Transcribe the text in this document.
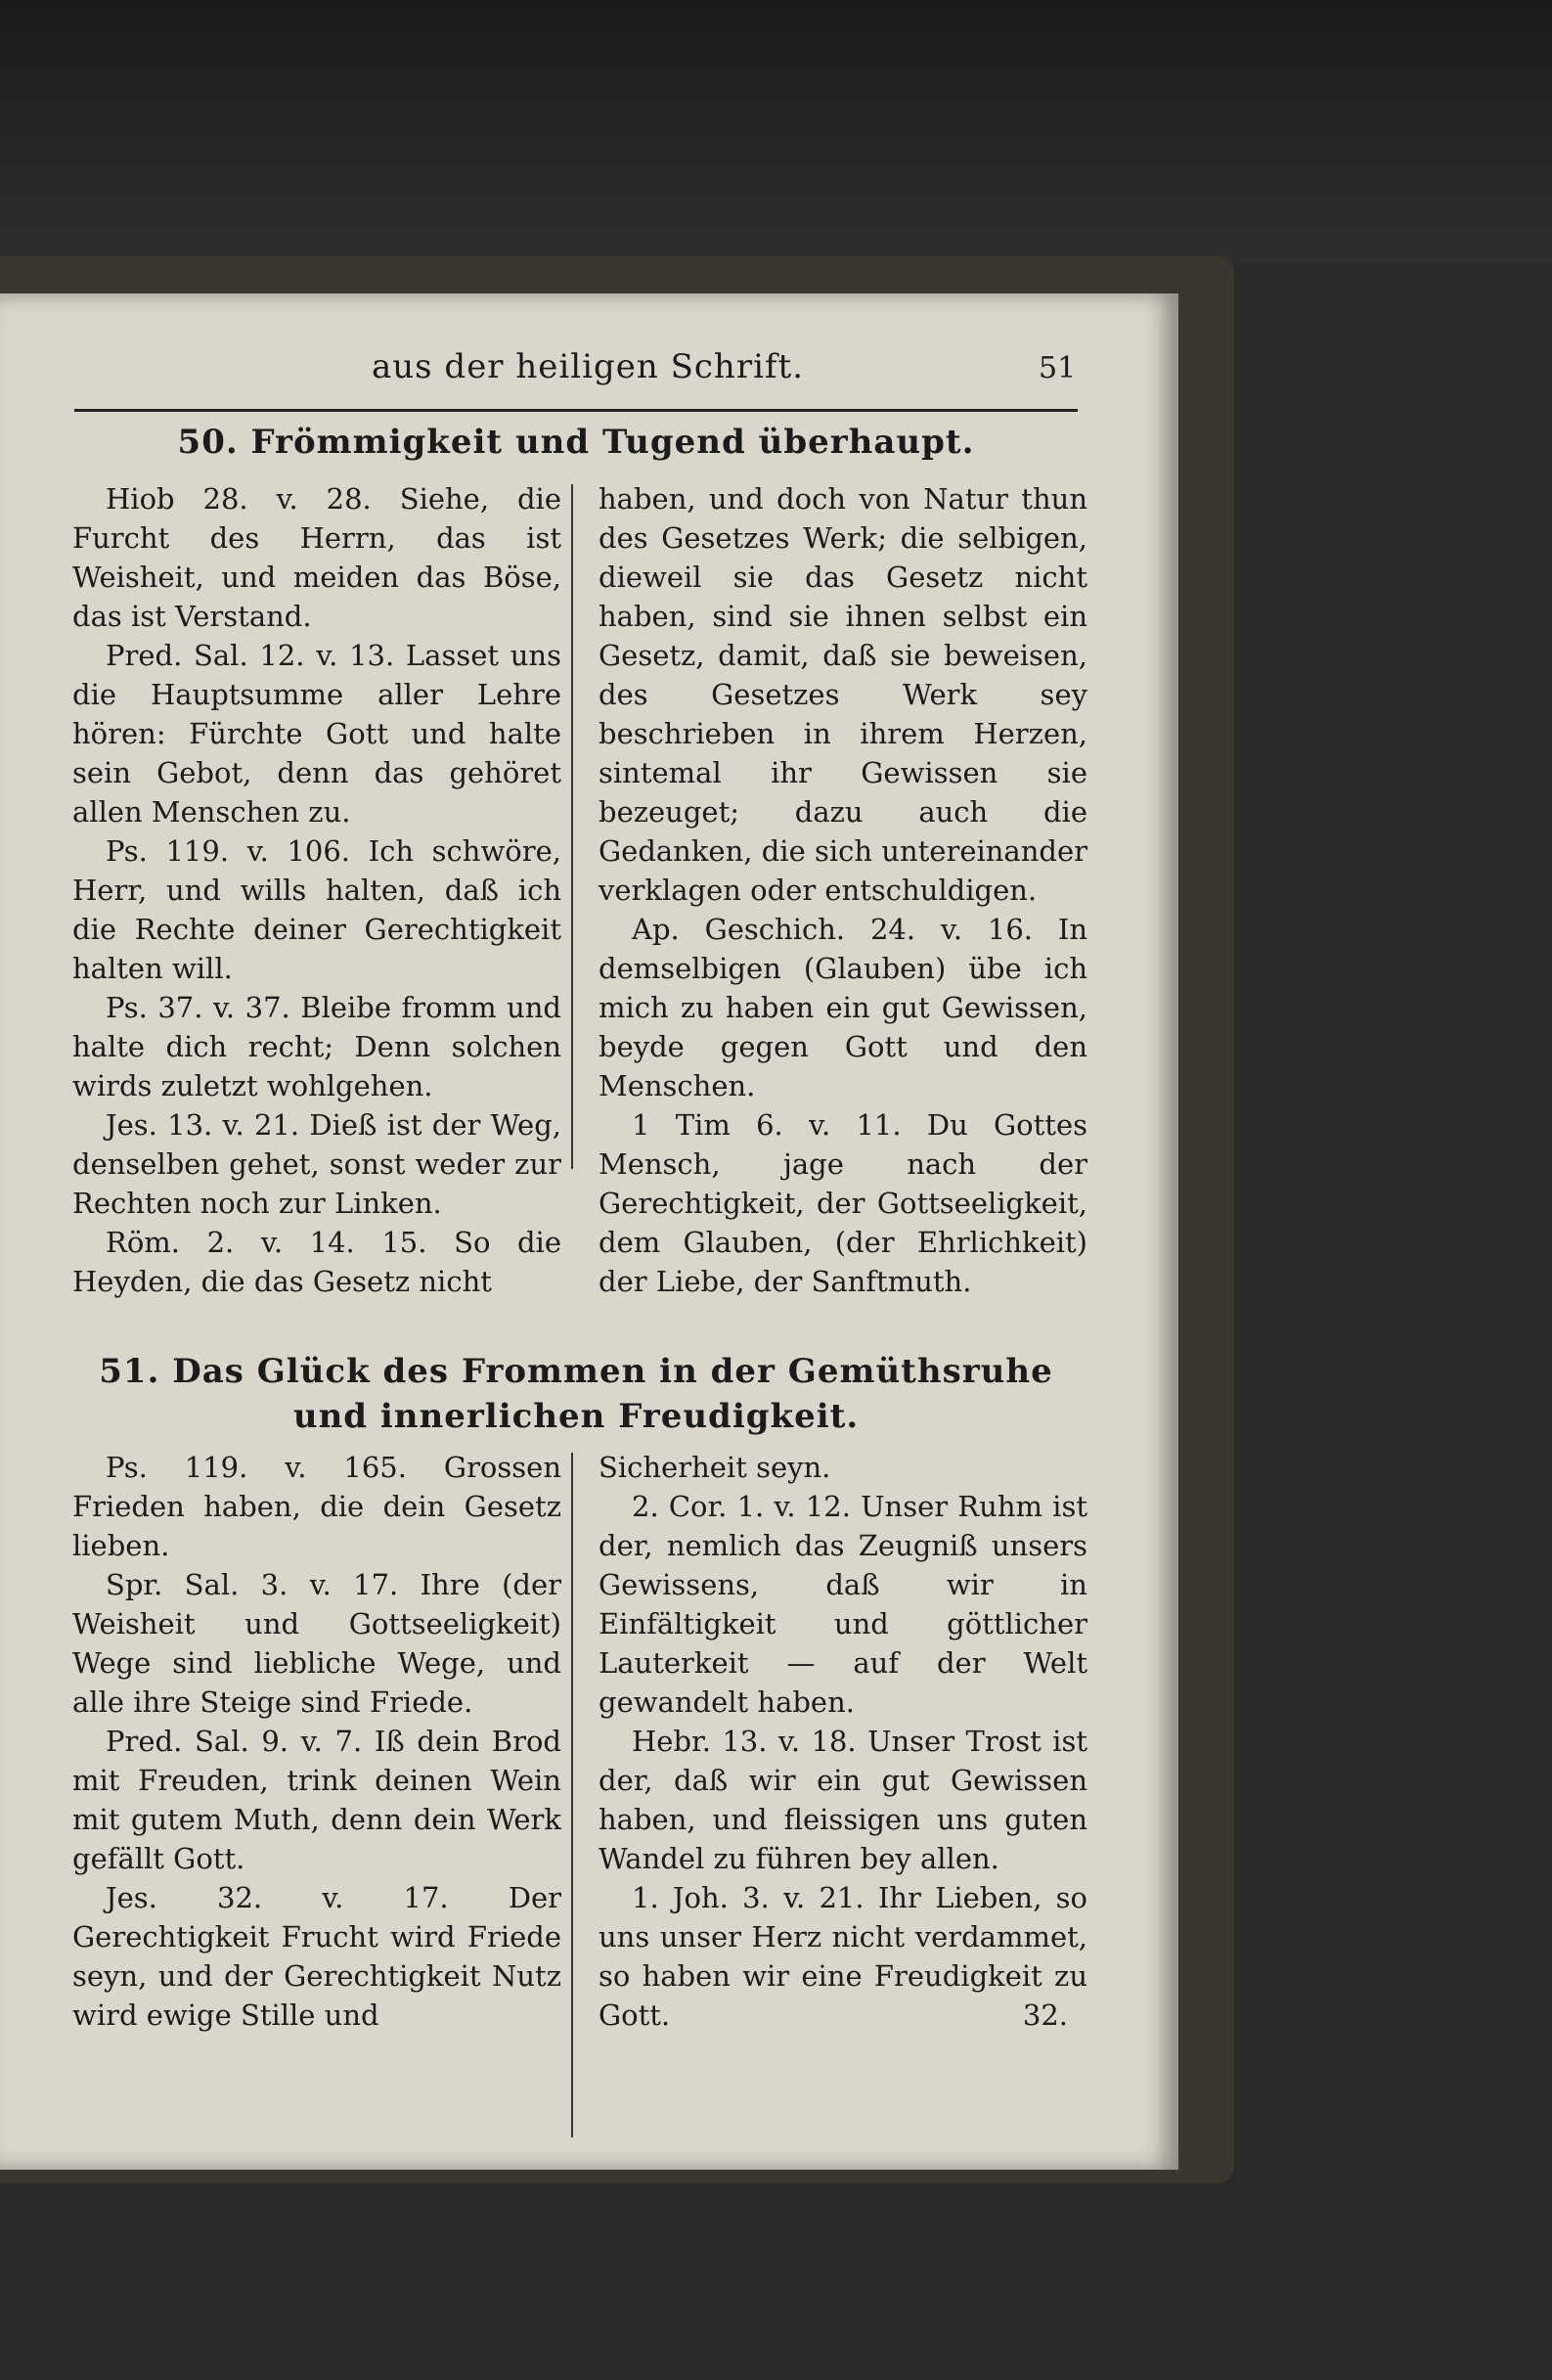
aus der heiligen Schrift.	51
50. Frömmigkeit und Tugend überhaupt.

Hiob 28. v. 28. Siehe, die Furcht des Herrn, das ist Weisheit, und meiden das Böse, das ist Verstand.

Pred. Sal. 12. v. 13. Lasset uns die Hauptsumme aller Lehre hören: Fürchte Gott und halte sein Gebot, denn das gehöret allen Menschen zu.

Ps. 119. v. 106. Ich schwöre, Herr, und wills halten, daß ich die Rechte deiner Gerechtigkeit halten will.

Ps. 37. v. 37. Bleibe fromm und halte dich recht; Denn solchen wirds zuletzt wohlgehen.

Jes. 13. v. 21. Dieß ist der Weg, denselben gehet, sonst weder zur Rechten noch zur Linken.

Röm. 2. v. 14. 15. So die Heyden, die das Gesetz nicht

haben, und doch von Natur thun des Gesetzes Werk; die selbigen, dieweil sie das Gesetz nicht haben, sind sie ihnen selbst ein Gesetz, damit, daß sie beweisen, des Gesetzes Werk sey beschrieben in ihrem Herzen, sintemal ihr Gewissen sie bezeuget; dazu auch die Gedanken, die sich untereinander verklagen oder entschuldigen.

Ap. Geschich. 24. v. 16. In demselbigen (Glauben) übe ich mich zu haben ein gut Gewissen, beyde gegen Gott und den Menschen.

1 Tim 6. v. 11. Du Gottes Mensch, jage nach der Gerechtigkeit, der Gottseeligkeit, dem Glauben, (der Ehrlichkeit) der Liebe, der Sanftmuth.

51. Das Glück des Frommen in der Gemüthsruhe
und innerlichen Freudigkeit.

Ps. 119. v. 165. Grossen Frieden haben, die dein Gesetz lieben.

Spr. Sal. 3. v. 17. Ihre (der Weisheit und Gottseeligkeit) Wege sind liebliche Wege, und alle ihre Steige sind Friede.

Pred. Sal. 9. v. 7. Iß dein Brod mit Freuden, trink deinen Wein mit gutem Muth, denn dein Werk gefällt Gott.

Jes. 32. v. 17. Der Gerechtigkeit Frucht wird Friede seyn, und der Gerechtigkeit Nutz wird ewige Stille und

Sicherheit seyn.

2. Cor. 1. v. 12. Unser Ruhm ist der, nemlich das Zeugniß unsers Gewissens, daß wir in Einfältigkeit und göttlicher Lauterkeit — auf der Welt gewandelt haben.

Hebr. 13. v. 18. Unser Trost ist der, daß wir ein gut Gewissen haben, und fleissigen uns guten Wandel zu führen bey allen.

1. Joh. 3. v. 21. Ihr Lieben, so uns unser Herz nicht verdammet, so haben wir eine Freudigkeit zu Gott.	32.
